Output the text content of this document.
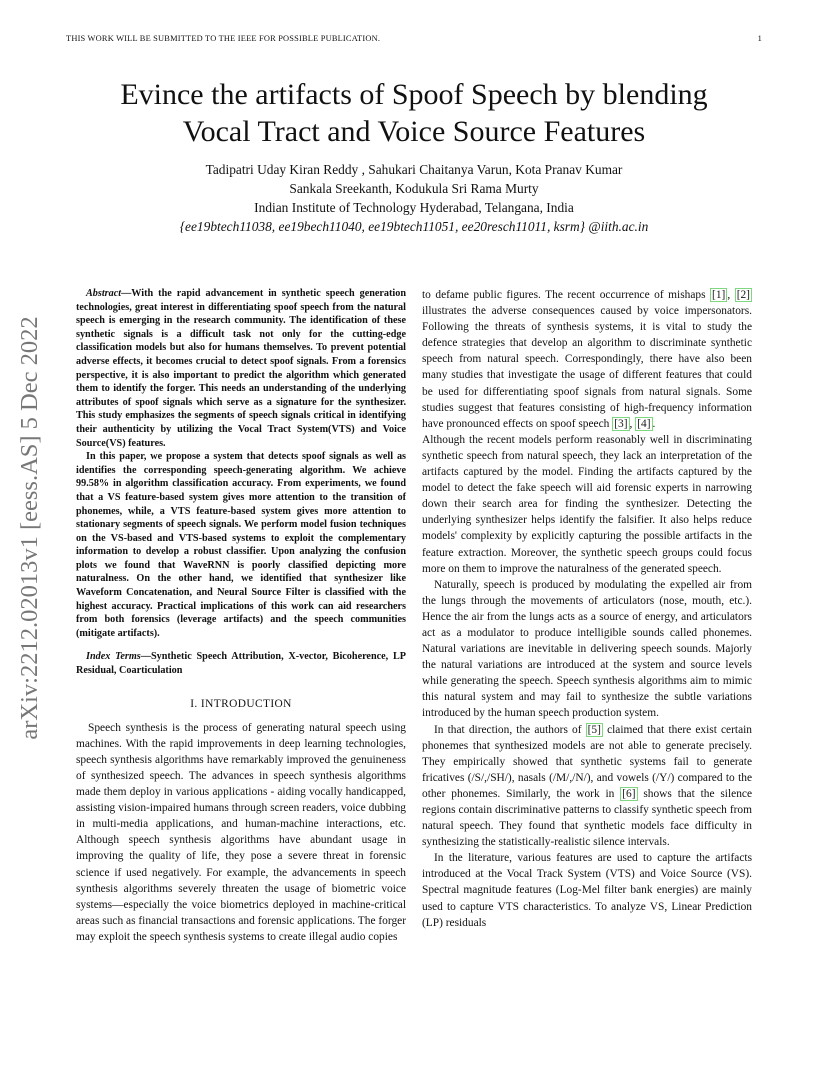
THIS WORK WILL BE SUBMITTED TO THE IEEE FOR POSSIBLE PUBLICATION.	1
Evince the artifacts of Spoof Speech by blending
Vocal Tract and Voice Source Features
Tadipatri Uday Kiran Reddy , Sahukari Chaitanya Varun, Kota Pranav Kumar
Sankala Sreekanth, Kodukula Sri Rama Murty
Indian Institute of Technology Hyderabad, Telangana, India
{ee19btech11038, ee19bech11040, ee19btech11051, ee20resch11011, ksrm} @iith.ac.in
arXiv:2212.02013v1 [eess.AS] 5 Dec 2022

Abstract—With the rapid advancement in synthetic speech generation technologies, great interest in differentiating spoof speech from the natural speech is emerging in the research community. The identification of these synthetic signals is a difficult task not only for the cutting-edge classification models but also for humans themselves. To prevent potential adverse effects, it becomes crucial to detect spoof signals. From a forensics perspective, it is also important to predict the algorithm which generated them to identify the forger. This needs an understanding of the underlying attributes of spoof signals which serve as a signature for the synthesizer. This study emphasizes the segments of speech signals critical in identifying their authenticity by utilizing the Vocal Tract System(VTS) and Voice Source(VS) features.

In this paper, we propose a system that detects spoof signals as well as identifies the corresponding speech-generating algorithm. We achieve 99.58% in algorithm classification accuracy. From experiments, we found that a VS feature-based system gives more attention to the transition of phonemes, while, a VTS feature-based system gives more attention to stationary segments of speech signals. We perform model fusion techniques on the VS-based and VTS-based systems to exploit the complementary information to develop a robust classifier. Upon analyzing the confusion plots we found that WaveRNN is poorly classified depicting more naturalness. On the other hand, we identified that synthesizer like Waveform Concatenation, and Neural Source Filter is classified with the highest accuracy. Practical implications of this work can aid researchers from both forensics (leverage artifacts) and the speech communities (mitigate artifacts).

Index Terms—Synthetic Speech Attribution, X-vector, Bicoherence, LP Residual, Coarticulation
I. INTRODUCTION

Speech synthesis is the process of generating natural speech using machines. With the rapid improvements in deep learning technologies, speech synthesis algorithms have remarkably improved the genuineness of synthesized speech. The advances in speech synthesis algorithms made them deploy in various applications - aiding vocally handicapped, assisting vision-impaired humans through screen readers, voice dubbing in multi-media applications, and human-machine interactions, etc. Although speech synthesis algorithms have abundant usage in improving the quality of life, they pose a severe threat in forensic science if used negatively. For example, the advancements in speech synthesis algorithms severely threaten the usage of biometric voice systems—especially the voice biometrics deployed in machine-critical areas such as financial transactions and forensic applications. The forger may exploit the speech synthesis systems to create illegal audio copies

to defame public figures. The recent occurrence of mishaps [1] , [2] illustrates the adverse consequences caused by voice impersonators. Following the threats of synthesis systems, it is vital to study the defence strategies that develop an algorithm to discriminate synthetic speech from natural speech. Correspondingly, there have also been many studies that investigate the usage of different features that could be used for differentiating spoof signals from natural signals. Some studies suggest that features consisting of high-frequency information have pronounced effects on spoof speech [3] , [4] .

Although the recent models perform reasonably well in discriminating synthetic speech from natural speech, they lack an interpretation of the artifacts captured by the model. Finding the artifacts captured by the model to detect the fake speech will aid forensic experts in narrowing down their search area for finding the synthesizer. Detecting the underlying synthesizer helps identify the falsifier. It also helps reduce models' complexity by explicitly capturing the possible artifacts in the feature extraction. Moreover, the synthetic speech groups could focus more on them to improve the naturalness of the generated speech.

Naturally, speech is produced by modulating the expelled air from the lungs through the movements of articulators (nose, mouth, etc.). Hence the air from the lungs acts as a source of energy, and articulators act as a modulator to produce intelligible sounds called phonemes. Natural variations are inevitable in delivering speech sounds. Majorly the natural variations are introduced at the system and source levels while generating the speech. Speech synthesis algorithms aim to mimic this natural system and may fail to synthesize the subtle variations introduced by the human speech production system.

In that direction, the authors of [5] claimed that there exist certain phonemes that synthesized models are not able to generate precisely. They empirically showed that synthetic systems fail to generate fricatives (/S/,/SH/), nasals (/M/,/N/), and vowels (/Y/) compared to the other phonemes. Similarly, the work in [6] shows that the silence regions contain discriminative patterns to classify synthetic speech from natural speech. They found that synthetic models face difficulty in synthesizing the statistically-realistic silence intervals.

In the literature, various features are used to capture the artifacts introduced at the Vocal Track System (VTS) and Voice Source (VS). Spectral magnitude features (Log-Mel filter bank energies) are mainly used to capture VTS characteristics. To analyze VS, Linear Prediction (LP) residuals
